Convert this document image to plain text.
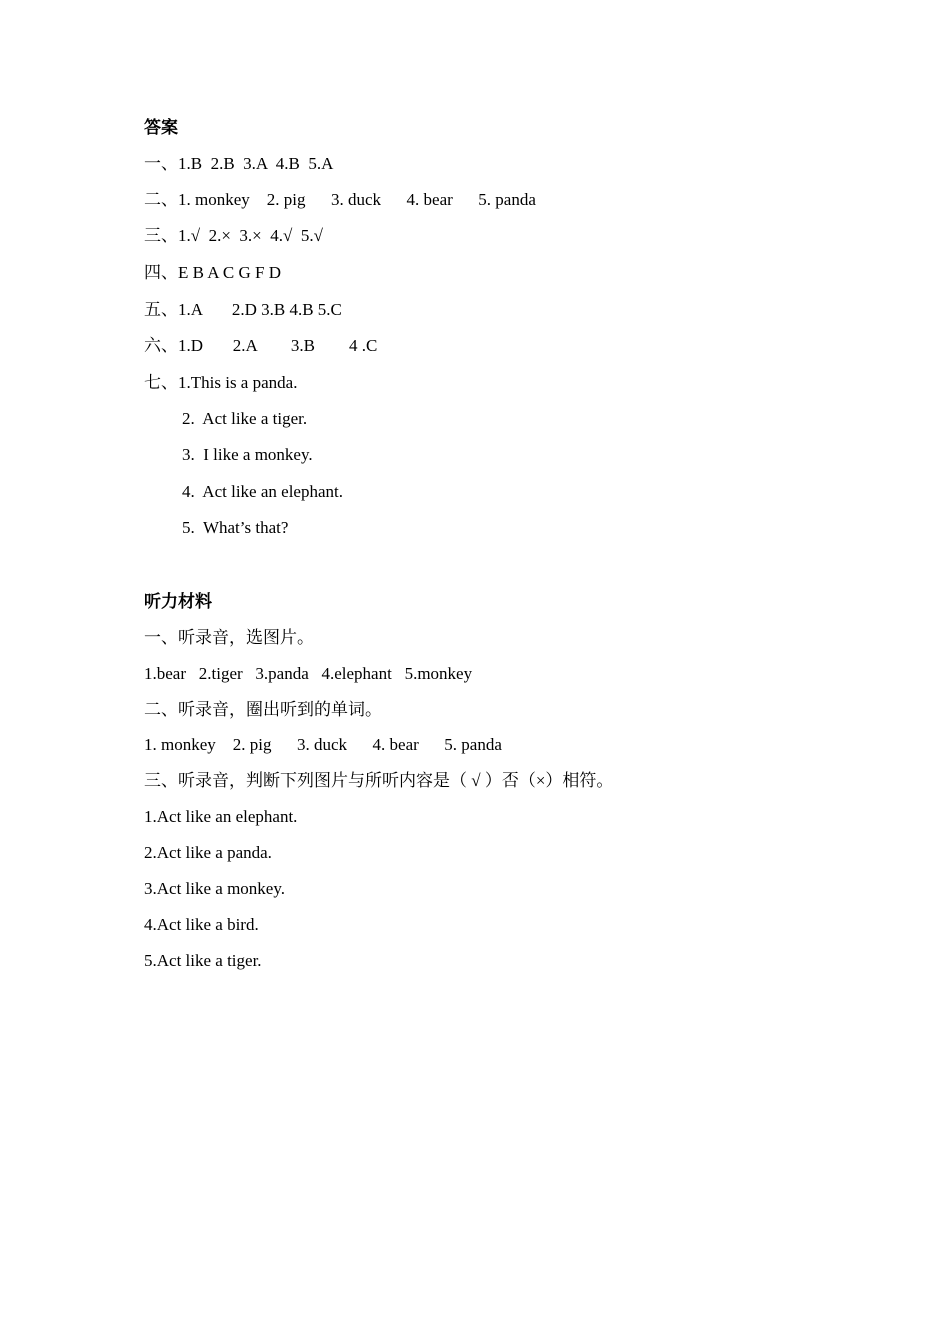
答案
一、1.B  2.B  3.A  4.B  5.A
二、1. monkey    2. pig      3. duck      4. bear      5. panda
三、1.√  2.×  3.×  4.√  5.√
四、E B A C G F D
五、1.A       2.D 3.B 4.B 5.C
六、1.D       2.A        3.B        4 .C
七、1.This is a panda.
2.  Act like a tiger.
3.  I like a monkey.
4.  Act like an elephant.
5.  What’s that?
听力材料
一、听录音，选图片。
1.bear   2.tiger   3.panda   4.elephant   5.monkey
二、听录音，圈出听到的单词。
1. monkey    2. pig      3. duck      4. bear      5. panda
三、听录音，判断下列图片与所听内容是（ √ ）否（×）相符。
1.Act like an elephant.
2.Act like a panda.
3.Act like a monkey.
4.Act like a bird.
5.Act like a tiger.
